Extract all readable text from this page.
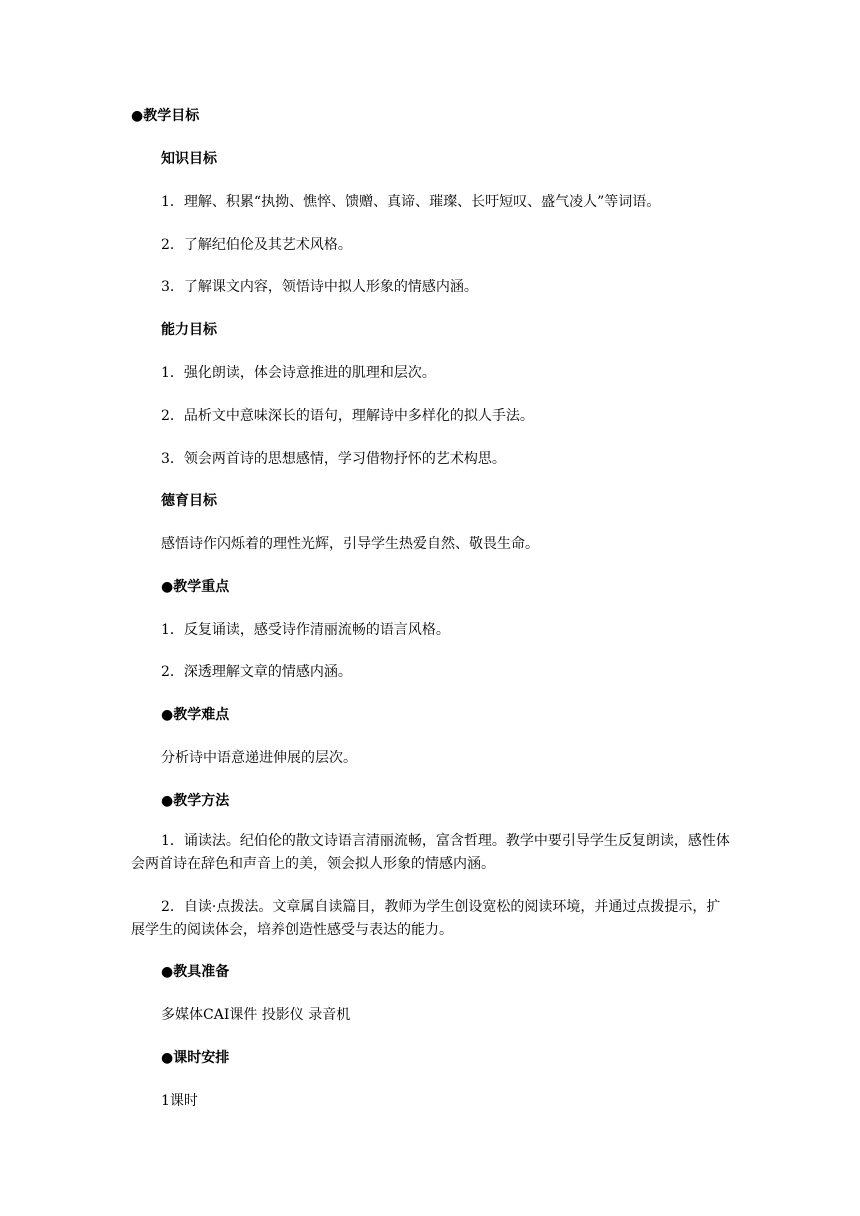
●教学目标
知识目标
1．理解、积累“执拗、憔悴、馈赠、真谛、璀璨、长吁短叹、盛气凌人”等词语。
2．了解纪伯伦及其艺术风格。
3．了解课文内容，领悟诗中拟人形象的情感内涵。
能力目标
1．强化朗读，体会诗意推进的肌理和层次。
2．品析文中意味深长的语句，理解诗中多样化的拟人手法。
3．领会两首诗的思想感情，学习借物抒怀的艺术构思。
德育目标
感悟诗作闪烁着的理性光辉，引导学生热爱自然、敬畏生命。
●教学重点
1．反复诵读，感受诗作清丽流畅的语言风格。
2．深透理解文章的情感内涵。
●教学难点
分析诗中语意递进伸展的层次。
●教学方法
1．诵读法。纪伯伦的散文诗语言清丽流畅，富含哲理。教学中要引导学生反复朗读，感性体会两首诗在辞色和声音上的美，领会拟人形象的情感内涵。
2．自读·点拨法。文章属自读篇目，教师为学生创设宽松的阅读环境，并通过点拨提示，扩展学生的阅读体会，培养创造性感受与表达的能力。
●教具准备
多媒体CAI课件 投影仪 录音机
●课时安排
1课时
